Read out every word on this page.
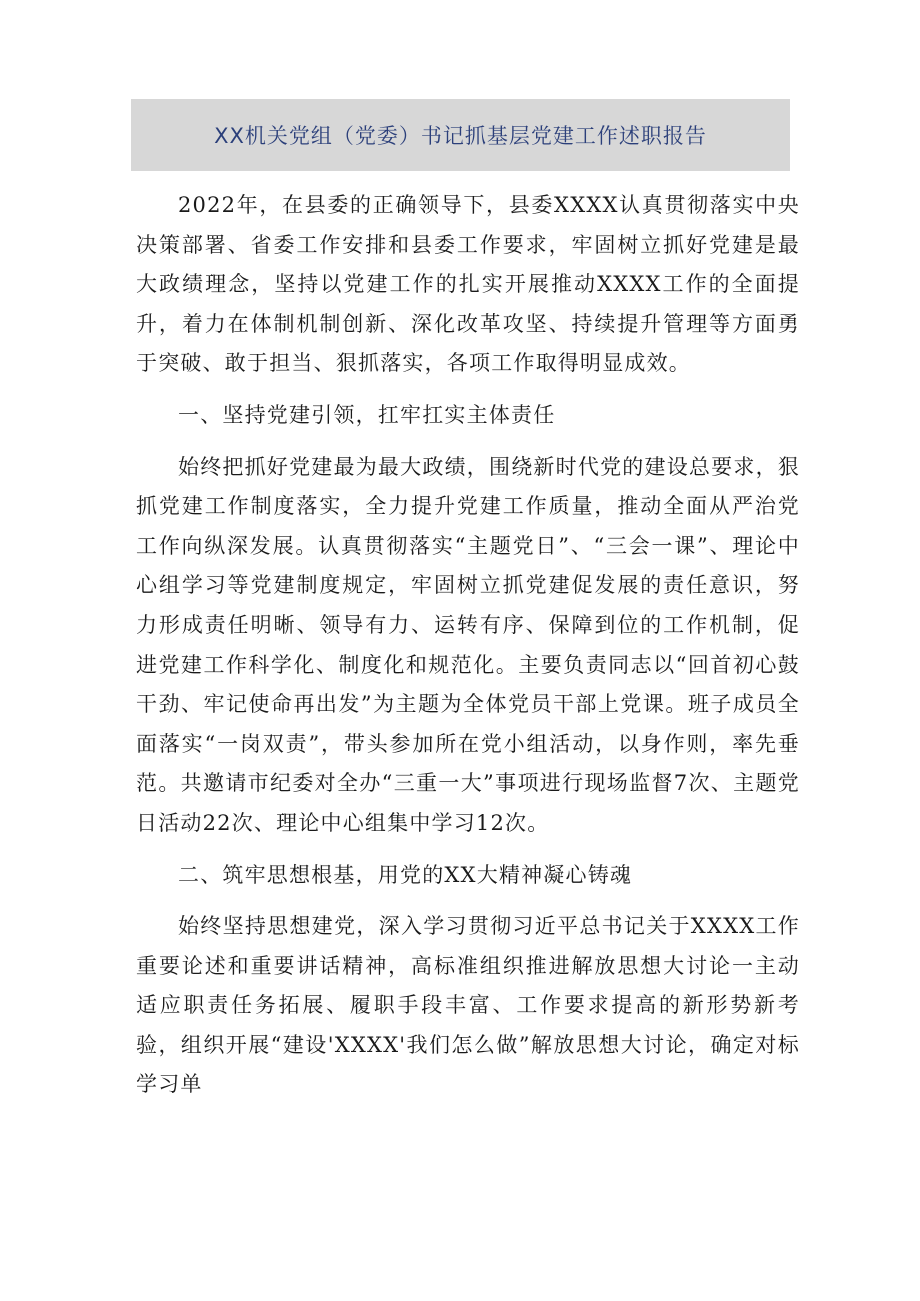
XX机关党组（党委）书记抓基层党建工作述职报告

2022年，在县委的正确领导下，县委XXXX认真贯彻落实中央决策部署、省委工作安排和县委工作要求，牢固树立抓好党建是最大政绩理念，坚持以党建工作的扎实开展推动XXXX工作的全面提升，着力在体制机制创新、深化改革攻坚、持续提升管理等方面勇于突破、敢于担当、狠抓落实，各项工作取得明显成效。

一、坚持党建引领，扛牢扛实主体责任

始终把抓好党建最为最大政绩，围绕新时代党的建设总要求，狠抓党建工作制度落实，全力提升党建工作质量，推动全面从严治党工作向纵深发展。认真贯彻落实“主题党日”、“三会一课”、理论中心组学习等党建制度规定，牢固树立抓党建促发展的责任意识，努力形成责任明晰、领导有力、运转有序、保障到位的工作机制，促进党建工作科学化、制度化和规范化。主要负责同志以“回首初心鼓干劲、牢记使命再出发”为主题为全体党员干部上党课。班子成员全面落实“一岗双责”，带头参加所在党小组活动，以身作则，率先垂范。共邀请市纪委对全办“三重一大”事项进行现场监督7次、主题党日活动22次、理论中心组集中学习12次。

二、筑牢思想根基，用党的XX大精神凝心铸魂

始终坚持思想建党，深入学习贯彻习近平总书记关于XXXX工作重要论述和重要讲话精神，高标准组织推进解放思想大讨论一主动适应职责任务拓展、履职手段丰富、工作要求提高的新形势新考验，组织开展“建设'XXXX'我们怎么做”解放思想大讨论，确定对标学习单
